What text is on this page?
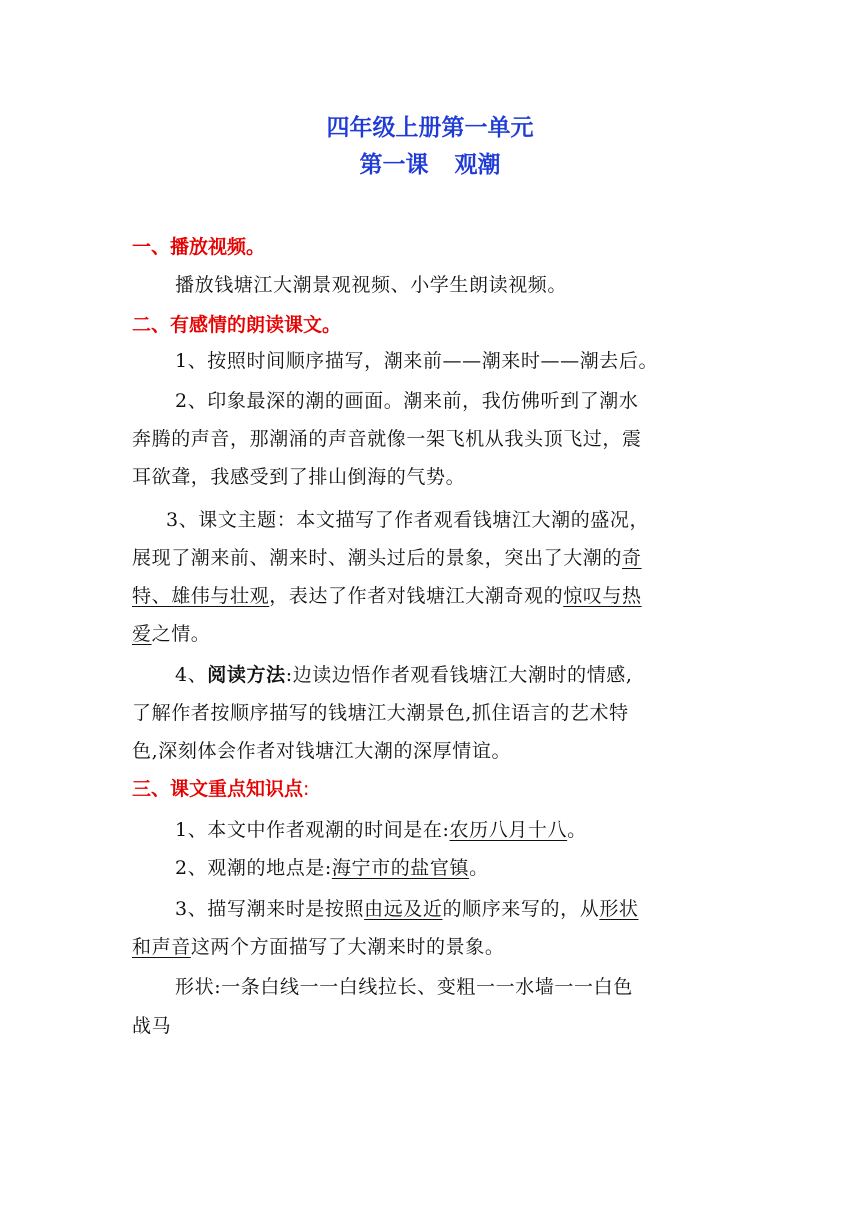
四年级上册第一单元
第一课 观潮
一、播放视频。
播放钱塘江大潮景观视频、小学生朗读视频。
二、有感情的朗读课文。
1、按照时间顺序描写，潮来前——潮来时——潮去后。
2、印象最深的潮的画面。潮来前，我仿佛听到了潮水
奔腾的声音，那潮涌的声音就像一架飞机从我头顶飞过，震
耳欲聋，我感受到了排山倒海的气势。
3、课文主题：本文描写了作者观看钱塘江大潮的盛况，
展现了潮来前、潮来时、潮头过后的景象，突出了大潮的奇
特、雄伟与壮观，表达了作者对钱塘江大潮奇观的惊叹与热
爱之情。
4、阅读方法:边读边悟作者观看钱塘江大潮时的情感,
了解作者按顺序描写的钱塘江大潮景色,抓住语言的艺术特
色,深刻体会作者对钱塘江大潮的深厚情谊。
三、课文重点知识点:
1、本文中作者观潮的时间是在:农历八月十八。
2、观潮的地点是:海宁市的盐官镇。
3、描写潮来时是按照由远及近的顺序来写的，从形状
和声音这两个方面描写了大潮来时的景象。
形状:一条白线一一白线拉长、变粗一一水墙一一白色
战马
